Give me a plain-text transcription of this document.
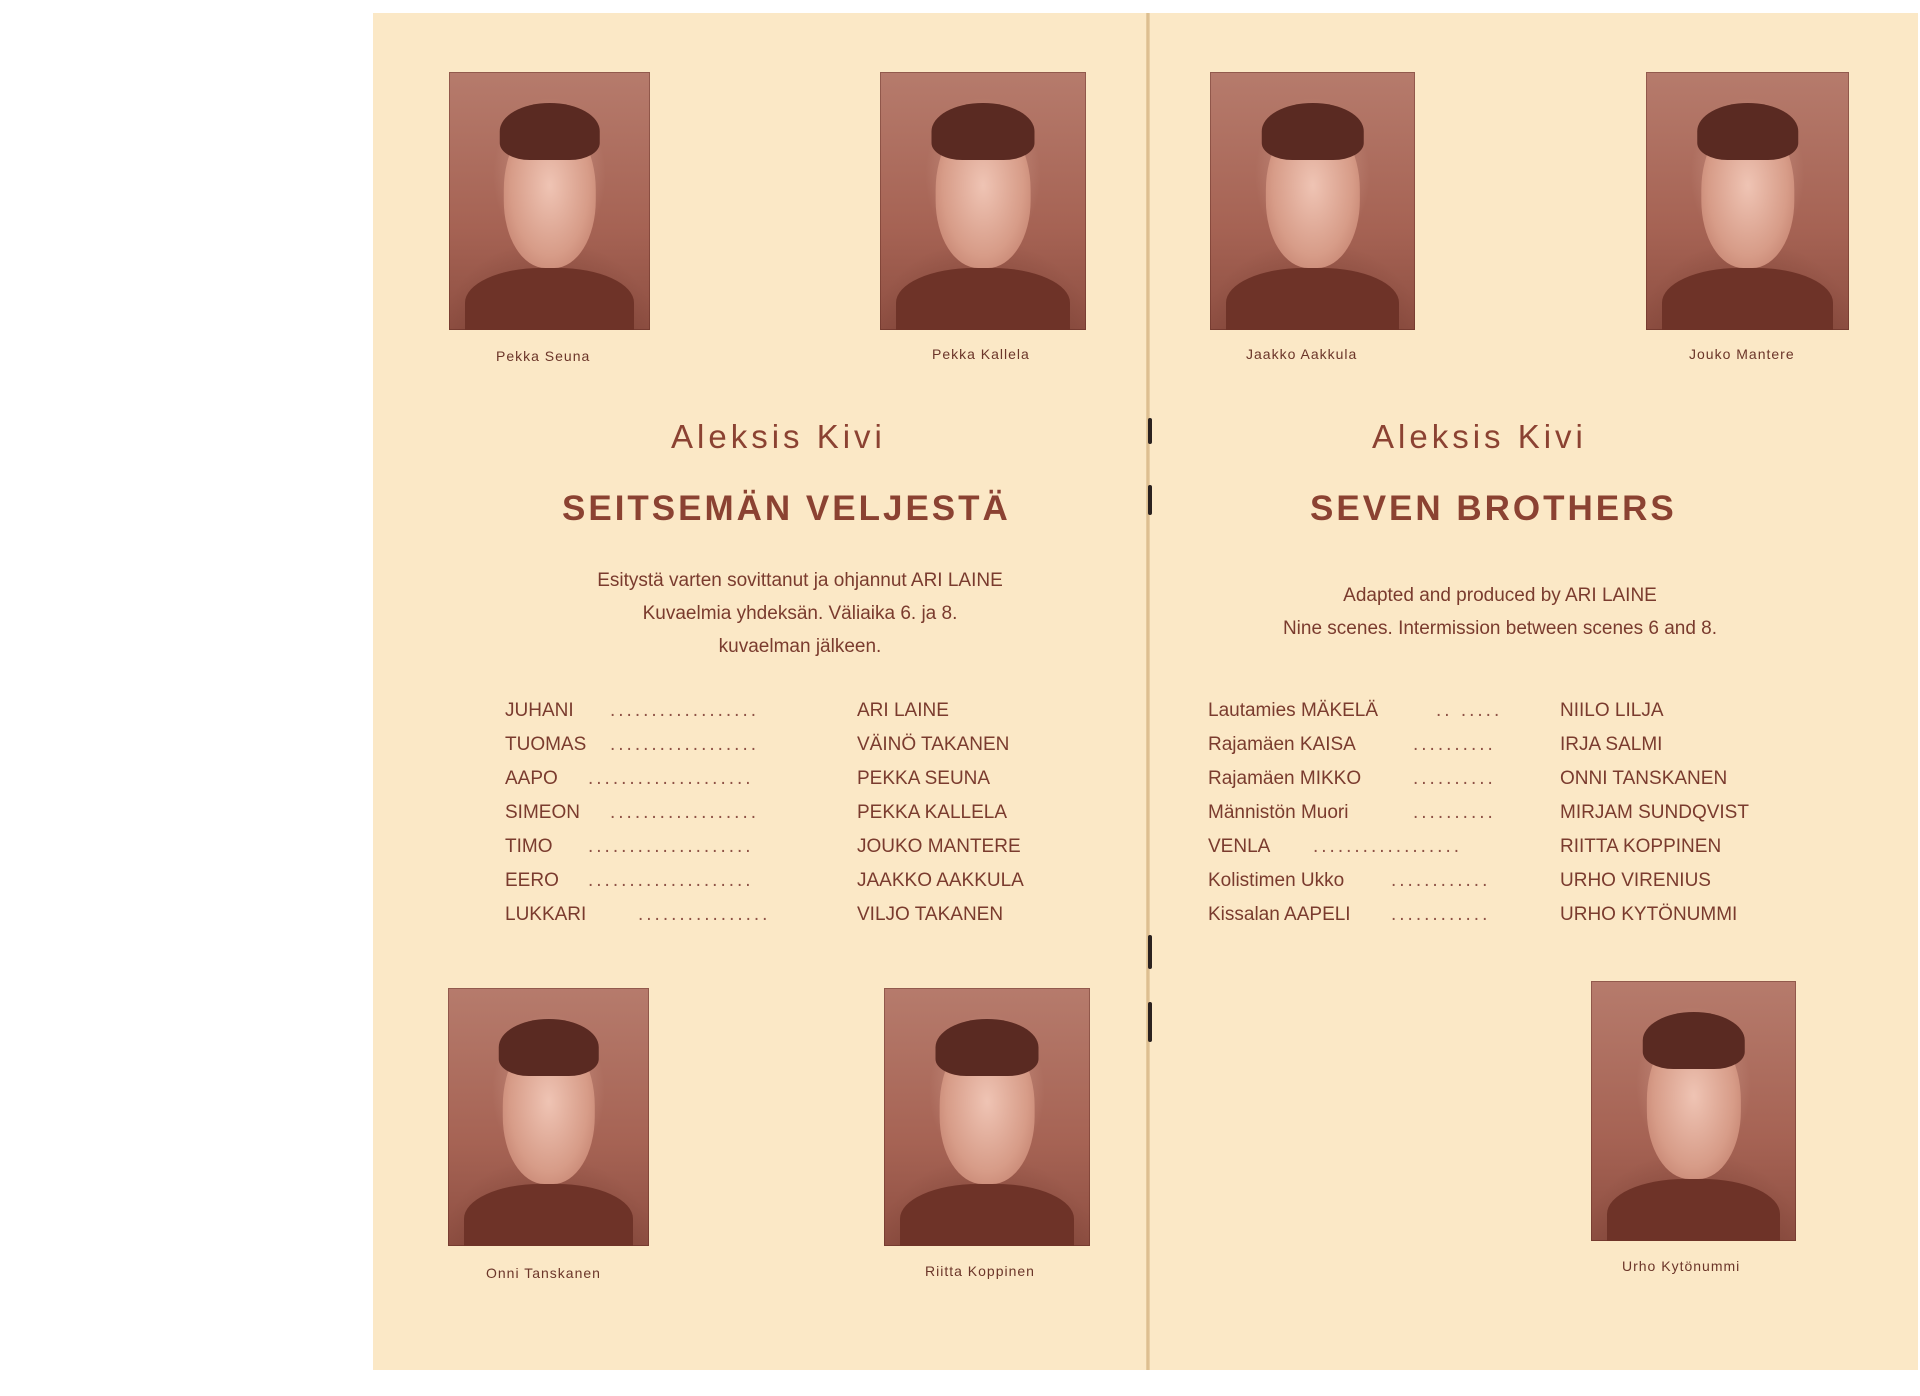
Pekka Seuna	Pekka Kallela
Aleksis Kivi
SEITSEMÄN VELJESTÄ
Esitystä varten sovittanut ja ohjannut ARI LAINE
Kuvaelmia yhdeksän. Väliaika 6. ja 8.
kuvaelman jälkeen.
JUHANI ..................	ARI LAINE
TUOMAS ..................	VÄINÖ TAKANEN
AAPO ....................	PEKKA SEUNA
SIMEON ..................	PEKKA KALLELA
TIMO ....................	JOUKO MANTERE
EERO ....................	JAAKKO AAKKULA
LUKKARI	................	VILJO TAKANEN
Onni Tanskanen	Riitta Koppinen
Jaakko Aakkula	Jouko Mantere
Aleksis Kivi
SEVEN BROTHERS
Adapted and produced by ARI LAINE
Nine scenes. Intermission between scenes 6 and 8.
Lautamies MÄKELÄ	.. .....	NIILO LILJA
Rajamäen KAISA	..........	IRJA SALMI
Rajamäen MIKKO	..........	ONNI TANSKANEN
Männistön Muori	..........	MIRJAM SUNDQVIST
VENLA ..................	RIITTA KOPPINEN
Kolistimen Ukko ............	URHO VIRENIUS
Kissalan AAPELI ............	URHO KYTÖNUMMI
Urho Kytönummi
